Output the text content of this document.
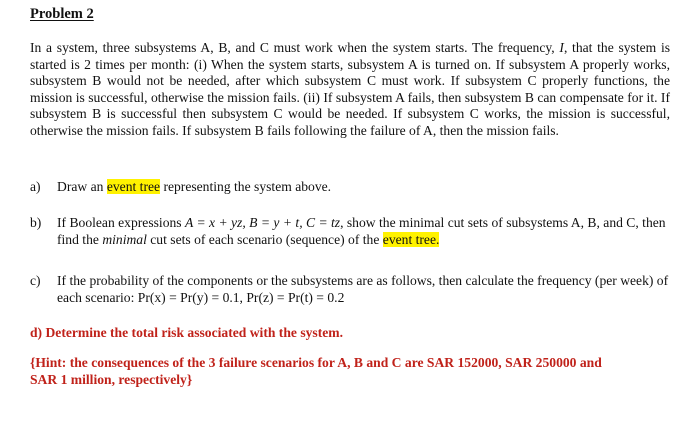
Problem 2
In a system, three subsystems A, B, and C must work when the system starts. The frequency, I, that the system is started is 2 times per month: (i) When the system starts, subsystem A is turned on. If subsystem A properly works, subsystem B would not be needed, after which subsystem C must work. If subsystem C properly functions, the mission is successful, otherwise the mission fails. (ii) If subsystem A fails, then subsystem B can compensate for it. If subsystem B is successful then subsystem C would be needed. If subsystem C works, the mission is successful, otherwise the mission fails. If subsystem B fails following the failure of A, then the mission fails.
a) Draw an event tree representing the system above.
b) If Boolean expressions A = x + yz, B = y + t, C = tz, show the minimal cut sets of subsystems A, B, and C, then find the minimal cut sets of each scenario (sequence) of the event tree.
c) If the probability of the components or the subsystems are as follows, then calculate the frequency (per week) of each scenario: Pr(x) = Pr(y) = 0.1, Pr(z) = Pr(t) = 0.2
d) Determine the total risk associated with the system.
{Hint: the consequences of the 3 failure scenarios for A, B and C are SAR 152000, SAR 250000 and SAR 1 million, respectively}
